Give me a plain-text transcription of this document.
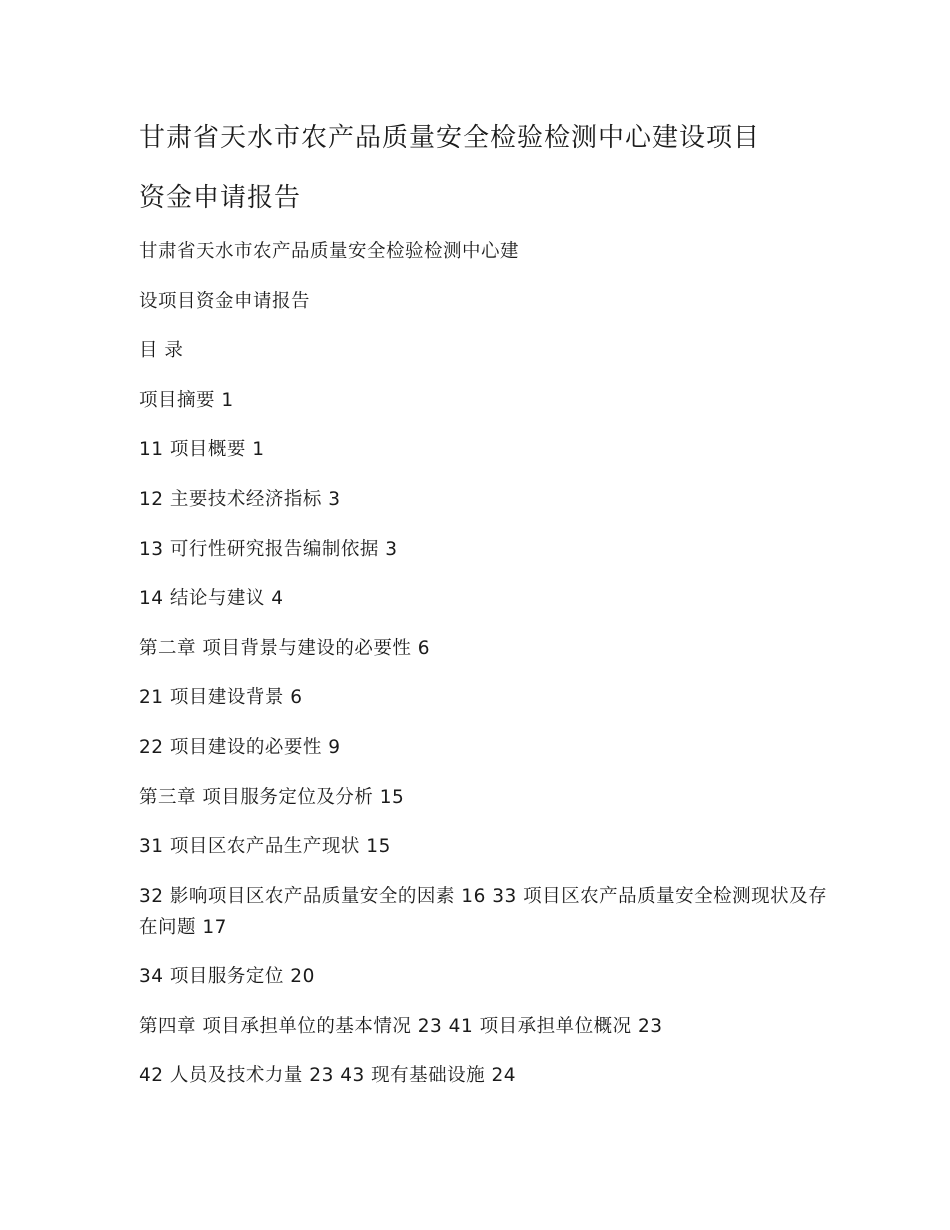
甘肃省天水市农产品质量安全检验检测中心建设项目
资金申请报告
甘肃省天水市农产品质量安全检验检测中心建
设项目资金申请报告
目 录
项目摘要 1
11 项目概要 1
12 主要技术经济指标 3
13 可行性研究报告编制依据 3
14 结论与建议 4
第二章 项目背景与建设的必要性 6
21 项目建设背景 6
22 项目建设的必要性 9
第三章 项目服务定位及分析 15
31 项目区农产品生产现状 15
32 影响项目区农产品质量安全的因素 16 33 项目区农产品质量安全检测现状及存在问题 17
34 项目服务定位 20
第四章 项目承担单位的基本情况 23 41 项目承担单位概况 23
42 人员及技术力量 23 43 现有基础设施 24
